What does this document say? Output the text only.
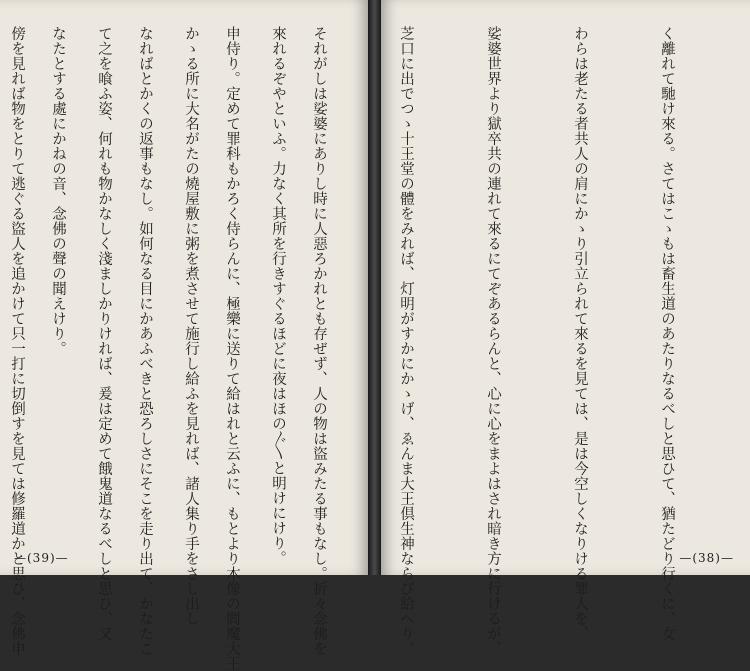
來れるぞやといふ。力なく其所を行きすぐるほどに夜はほの〴〵と明けにけり。

かゝる所に大名がたの燒屋敷に粥を煮させて施行し給ふを見れば、諸人集り手をさし出し

て之を喰ふ姿、何れも物かなしく淺ましかりければ、爰は定めて餓鬼道なるべしと思ひ、又

傍を見れば物をとりて逃ぐる盜人を追かけて只一打に切倒すを見ては修羅道かと思ひ、念佛申

—(39)—

	く離れて馳け來る。さてはこゝもは畜生道のあたりなるべしと思ひて、猶たどり行くに、女

わらは老たる者共人の肩にかゝり引立られて來るを見ては、是は今空しくなりける罪人を、

娑婆世界より獄卒共の連れて來るにてぞあるらんと、心に心をまよはされ暗き方に行けるが、

芝口に出でつゝ十王堂の體をみれば、灯明がすかにかゝげ、ゑんま大王倶生神ならび給へり。

それがしは娑婆にありし時に人惡ろかれとも存ぜず、人の物は盜みたる事もなし。折々念佛を

申侍り。定めて罪科もかろく侍らんに、極樂に送りて給はれと云ふに、もとより木像の閻魔大王

なればとかくの返事もなし。如何なる目にかあふべきと恐ろしさにそこを走り出て、かなたこ

なたとする處にかねの音、念佛の聲の聞えけり。

—(38)—
